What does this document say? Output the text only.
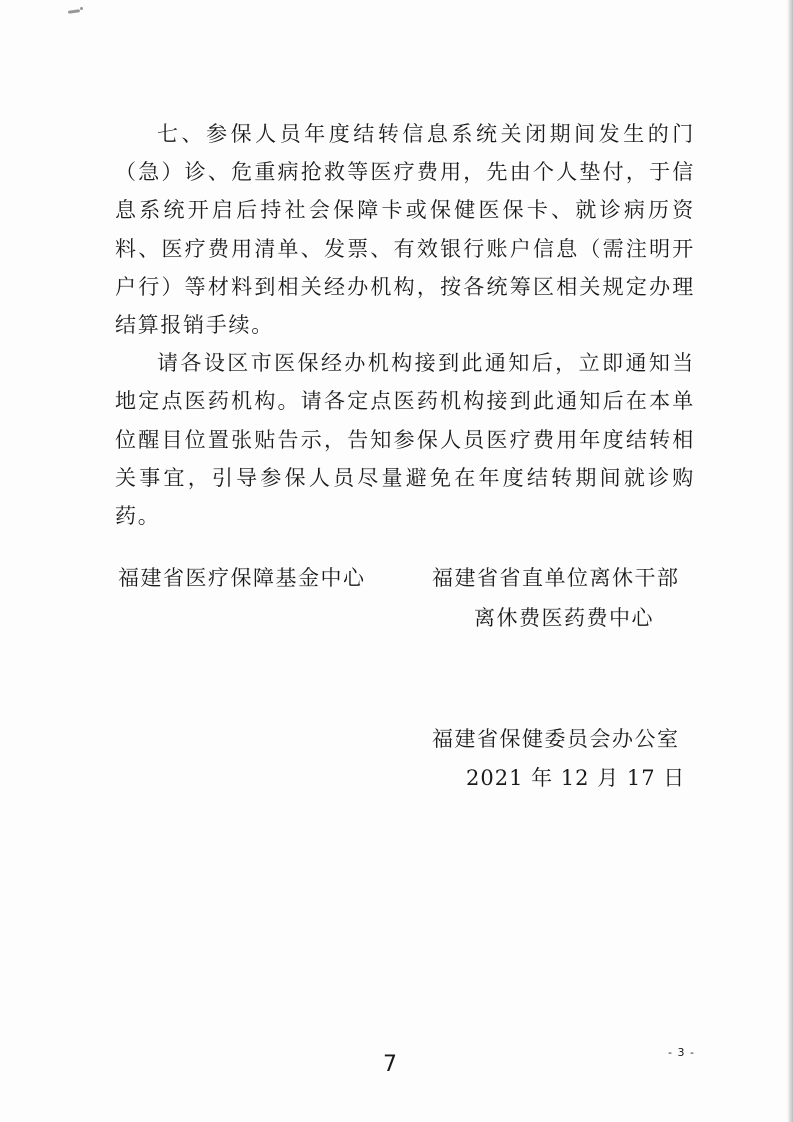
七、参保人员年度结转信息系统关闭期间发生的门（急）诊、危重病抢救等医疗费用，先由个人垫付，于信息系统开启后持社会保障卡或保健医保卡、就诊病历资料、医疗费用清单、发票、有效银行账户信息（需注明开户行）等材料到相关经办机构，按各统筹区相关规定办理结算报销手续。

请各设区市医保经办机构接到此通知后，立即通知当地定点医药机构。请各定点医药机构接到此通知后在本单位醒目位置张贴告示，告知参保人员医疗费用年度结转相关事宜，引导参保人员尽量避免在年度结转期间就诊购药。

福建省医疗保障基金中心	福建省省直单位离休干部
离休费医药费中心
福建省保健委员会办公室
2021 年 12 月 17 日
7	- 3 -
